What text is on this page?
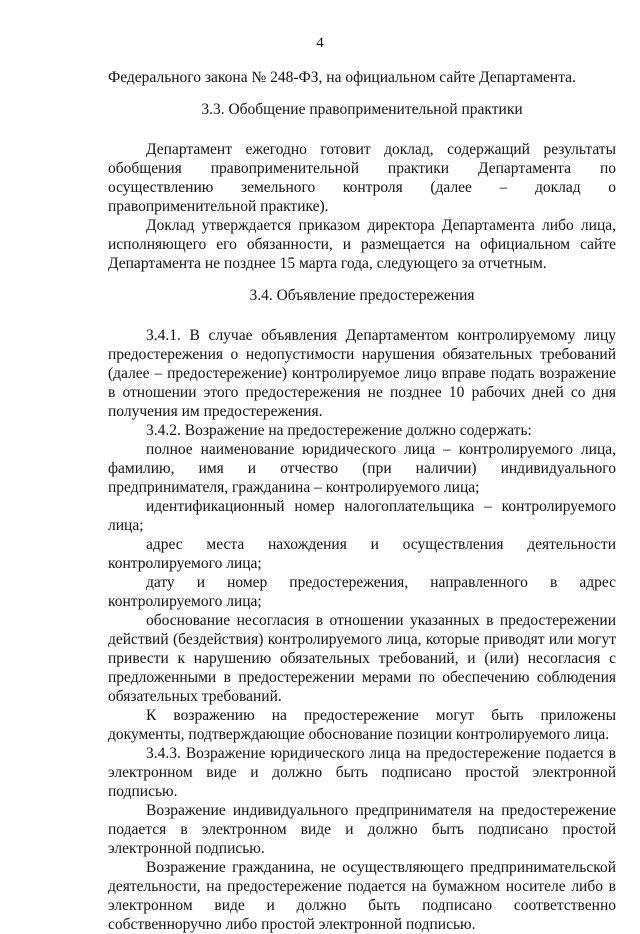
4

Федерального закона № 248-ФЗ, на официальном сайте Департамента.

3.3. Обобщение правоприменительной практики

Департамент ежегодно готовит доклад, содержащий результаты обобщения правоприменительной практики Департамента по осуществлению земельного контроля (далее – доклад о правоприменительной практике).

Доклад утверждается приказом директора Департамента либо лица, исполняющего его обязанности, и размещается на официальном сайте Департамента не позднее 15 марта года, следующего за отчетным.

3.4. Объявление предостережения

3.4.1. В случае объявления Департаментом контролируемому лицу предостережения о недопустимости нарушения обязательных требований (далее – предостережение) контролируемое лицо вправе подать возражение в отношении этого предостережения не позднее 10 рабочих дней со дня получения им предостережения.

3.4.2. Возражение на предостережение должно содержать:

полное наименование юридического лица – контролируемого лица, фамилию, имя и отчество (при наличии) индивидуального предпринимателя, гражданина – контролируемого лица;

идентификационный номер налогоплательщика – контролируемого лица;

адрес места нахождения и осуществления деятельности контролируемого лица;

дату и номер предостережения, направленного в адрес контролируемого лица;

обоснование несогласия в отношении указанных в предостережении действий (бездействия) контролируемого лица, которые приводят или могут привести к нарушению обязательных требований, и (или) несогласия с предложенными в предостережении мерами по обеспечению соблюдения обязательных требований.

К возражению на предостережение могут быть приложены документы, подтверждающие обоснование позиции контролируемого лица.

3.4.3. Возражение юридического лица на предостережение подается в электронном виде и должно быть подписано простой электронной подписью.

Возражение индивидуального предпринимателя на предостережение подается в электронном виде и должно быть подписано простой электронной подписью.

Возражение гражданина, не осуществляющего предпринимательской деятельности, на предостережение подается на бумажном носителе либо в электронном виде и должно быть подписано соответственно собственноручно либо простой электронной подписью.
